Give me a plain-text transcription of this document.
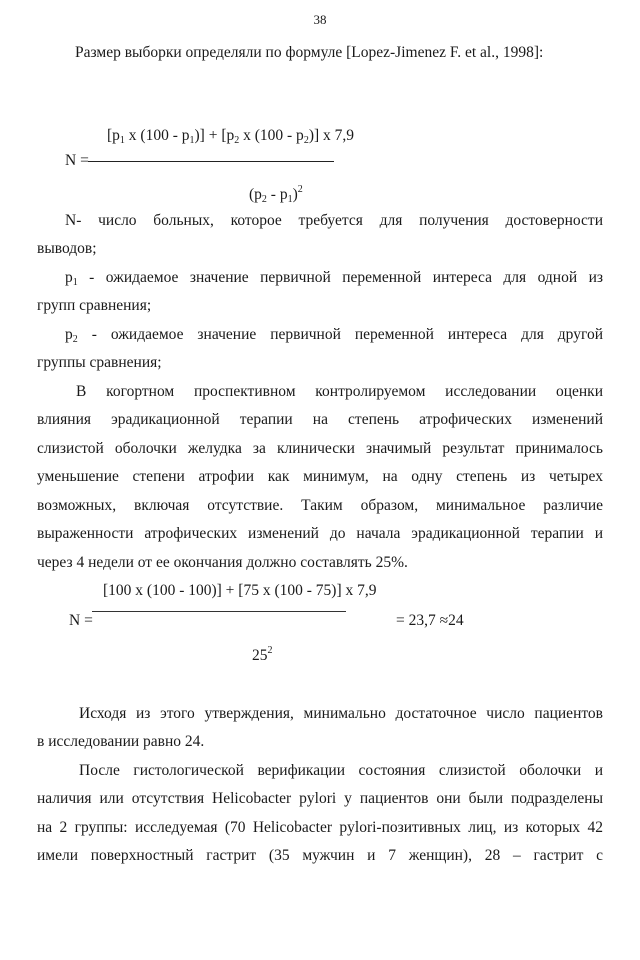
38
Размер выборки определяли по формуле [Lopez-Jimenez F. et al., 1998]:
[$p_1$ x $(100 - p_1)] + [p_2$ x $(100 - p_2)$] x 7,9
N =
$(p_2 - p_1)^2$
N- число больных, которое требуется для получения достоверности
выводов;
$p_1$ - ожидаемое значение первичной переменной интереса для одной из
групп сравнения;
$p_2$ - ожидаемое значение первичной переменной интереса для другой
группы сравнения;
В когортном проспективном контролируемом исследовании оценки
влияния эрадикационной терапии на степень атрофических изменений
слизистой оболочки желудка за клинически значимый результат принималось
уменьшение степени атрофии как минимум, на одну степень из четырех
возможных, включая отсутствие. Таким образом, минимальное различие
выраженности атрофических изменений до начала эрадикационной терапии и
через 4 недели от ее окончания должно составлять 25%.
[100 x (100 - 100)] + [75 x (100 - 75)] x 7,9
N =	= 23,7 ≈24
$25^2$
Исходя из этого утверждения, минимально достаточное число пациентов
в исследовании равно 24.
После гистологической верификации состояния слизистой оболочки и
наличия или отсутствия Helicobacter pylori у пациентов они были подразделены
на 2 группы: исследуемая (70 Helicobacter pylori-позитивных лиц, из которых 42
имели поверхностный гастрит (35 мужчин и 7 женщин), 28 – гастрит с
